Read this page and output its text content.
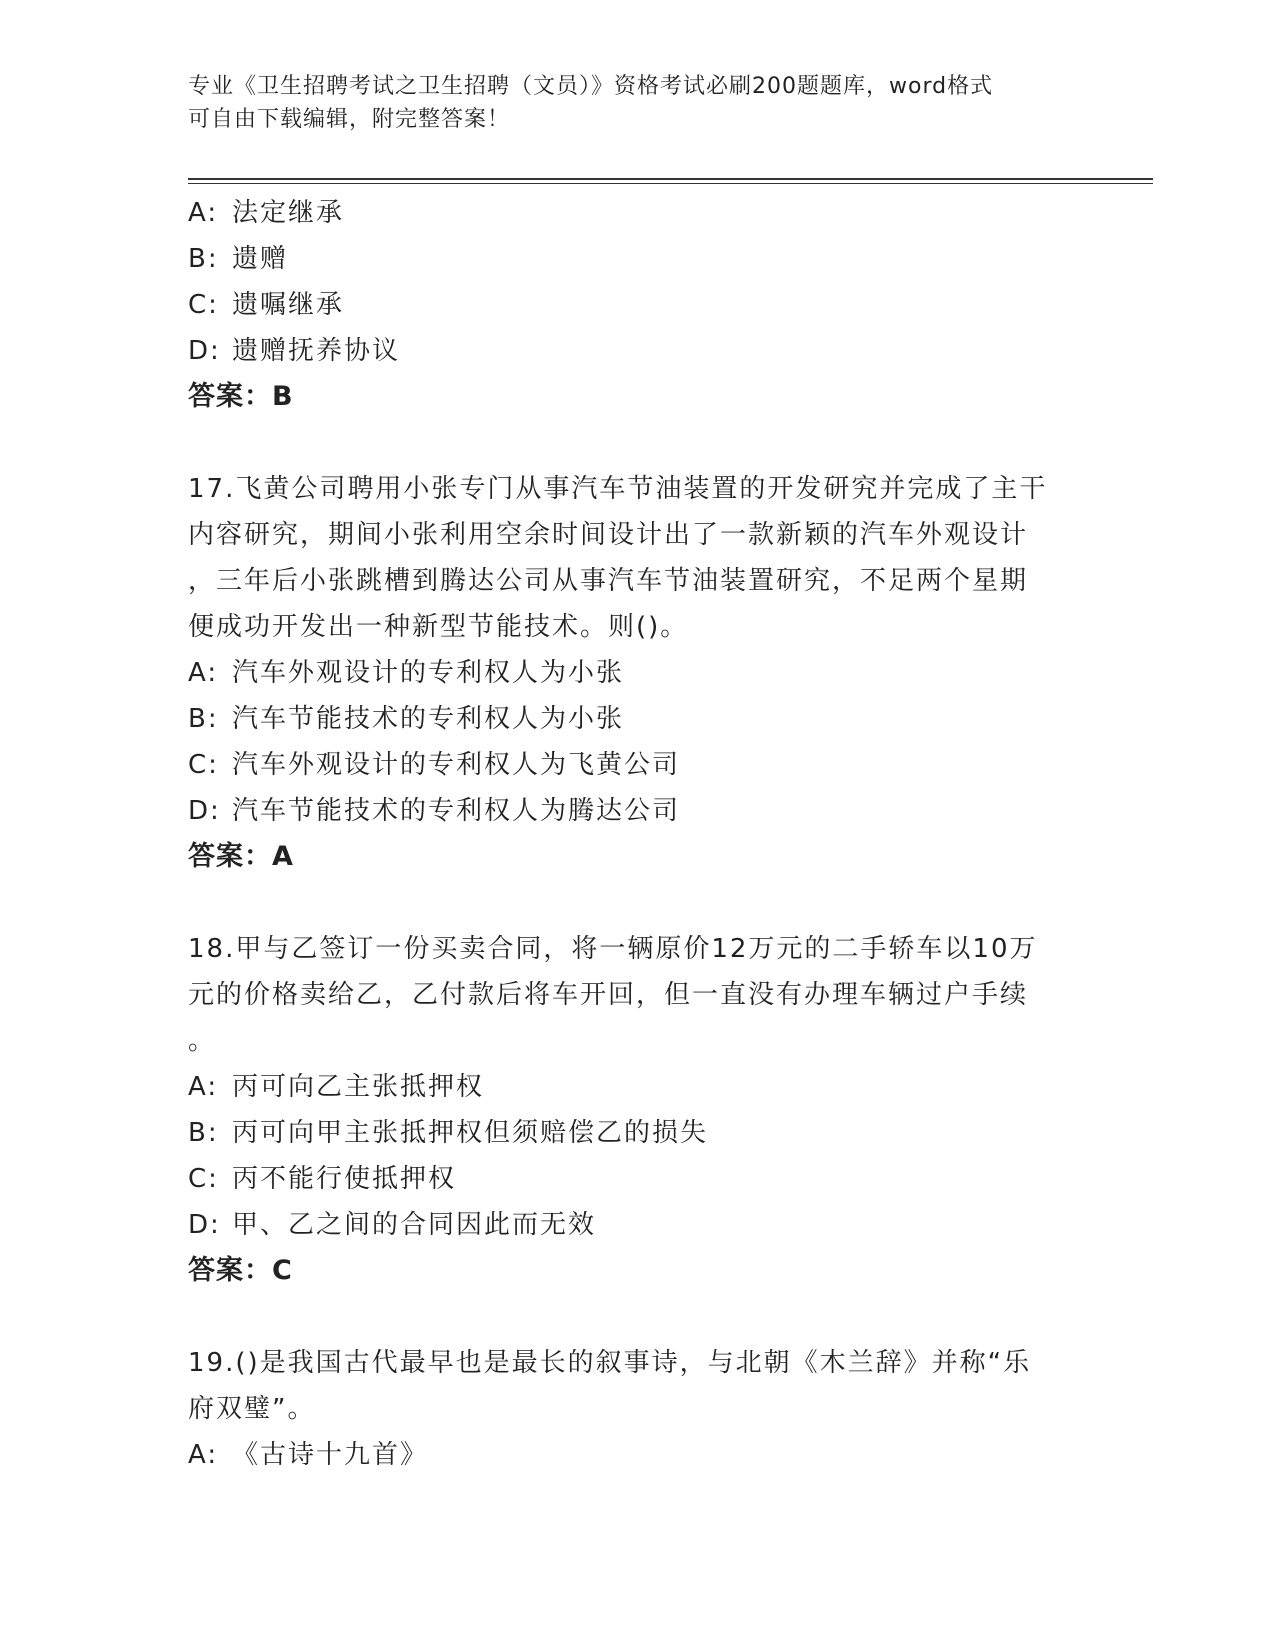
专业《卫生招聘考试之卫生招聘（文员）》资格考试必刷200题题库，word格式
可自由下载编辑，附完整答案！
A: 法定继承
B: 遗赠
C: 遗嘱继承
D: 遗赠抚养协议
答案：B
17.飞黄公司聘用小张专门从事汽车节油装置的开发研究并完成了主干
内容研究，期间小张利用空余时间设计出了一款新颖的汽车外观设计
，三年后小张跳槽到腾达公司从事汽车节油装置研究，不足两个星期
便成功开发出一种新型节能技术。则()。
A: 汽车外观设计的专利权人为小张
B: 汽车节能技术的专利权人为小张
C: 汽车外观设计的专利权人为飞黄公司
D: 汽车节能技术的专利权人为腾达公司
答案：A
18.甲与乙签订一份买卖合同，将一辆原价12万元的二手轿车以10万
元的价格卖给乙，乙付款后将车开回，但一直没有办理车辆过户手续
。
A: 丙可向乙主张抵押权
B: 丙可向甲主张抵押权但须赔偿乙的损失
C: 丙不能行使抵押权
D: 甲、乙之间的合同因此而无效
答案：C
19.()是我国古代最早也是最长的叙事诗，与北朝《木兰辞》并称“乐
府双璧”。
A: 《古诗十九首》
